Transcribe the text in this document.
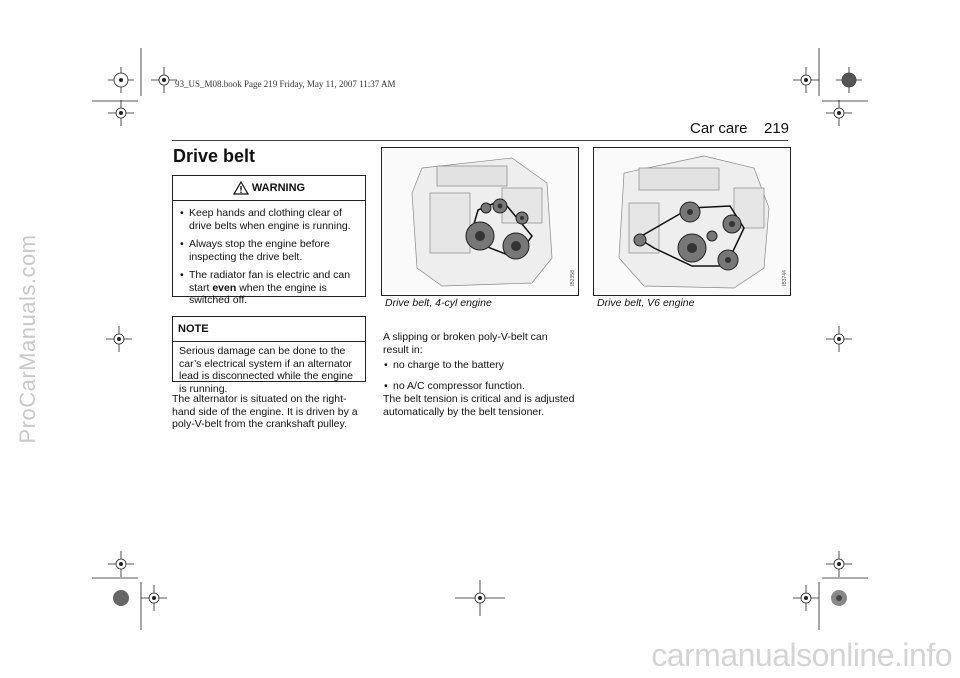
ProCarManuals.com
carmanualsonline.info
93_US_M08.book Page 219 Friday, May 11, 2007 11:37 AM
Car care 219
Drive belt
WARNING
• Keep hands and clothing clear of drive belts when engine is running.
• Always stop the engine before inspecting the drive belt.
• The radiator fan is electric and can start even when the engine is switched off.
NOTE
Serious damage can be done to the car’s electrical system if an alternator lead is disconnected while the engine is running.
The alternator is situated on the right-hand side of the engine. It is driven by a poly-V-belt from the crankshaft pulley.
IB2358
Drive belt, 4-cyl engine
IB3744
Drive belt, V6 engine
A slipping or broken poly-V-belt can result in:
• no charge to the battery
• no A/C compressor function.
The belt tension is critical and is adjusted automatically by the belt tensioner.
